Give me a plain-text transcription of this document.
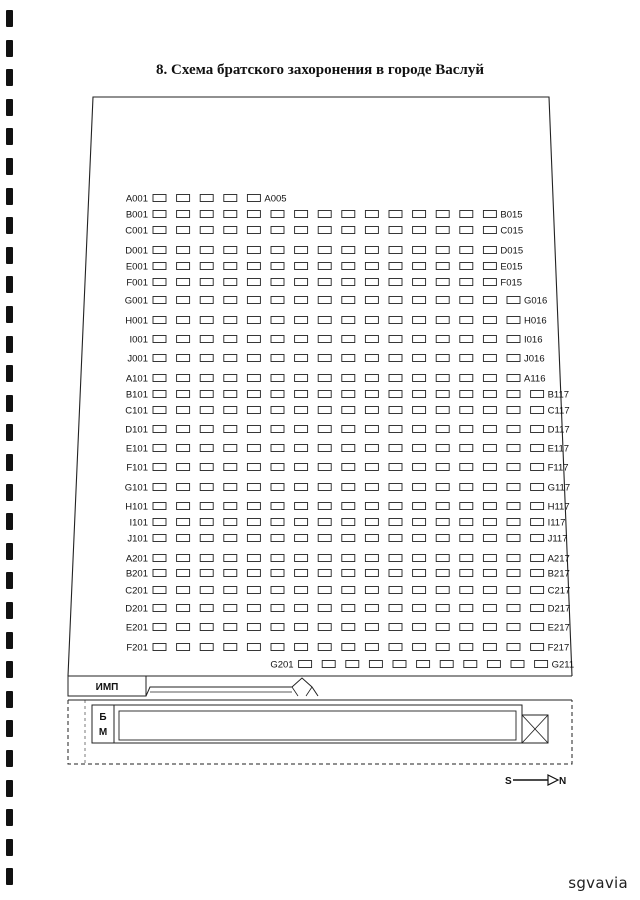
8. Схема братского захоронения в городе Васлуй
A001	A005
B001	B015
C001	C015
D001	D015
E001	E015
F001	F015
G001	G016
H001	H016
I001	I016
J001	J016
A101	A116
B101	B117
C101	C117
D101	D117
E101	E117
F101	F117
G101	G117
H101	H117
I101	I117
J101	J117
A201	A217
B201	B217
C201	C217
D201	D217
E201	E217
F201	F217
G201	G211
ИМП
Б
М
S	N
sgvavia
